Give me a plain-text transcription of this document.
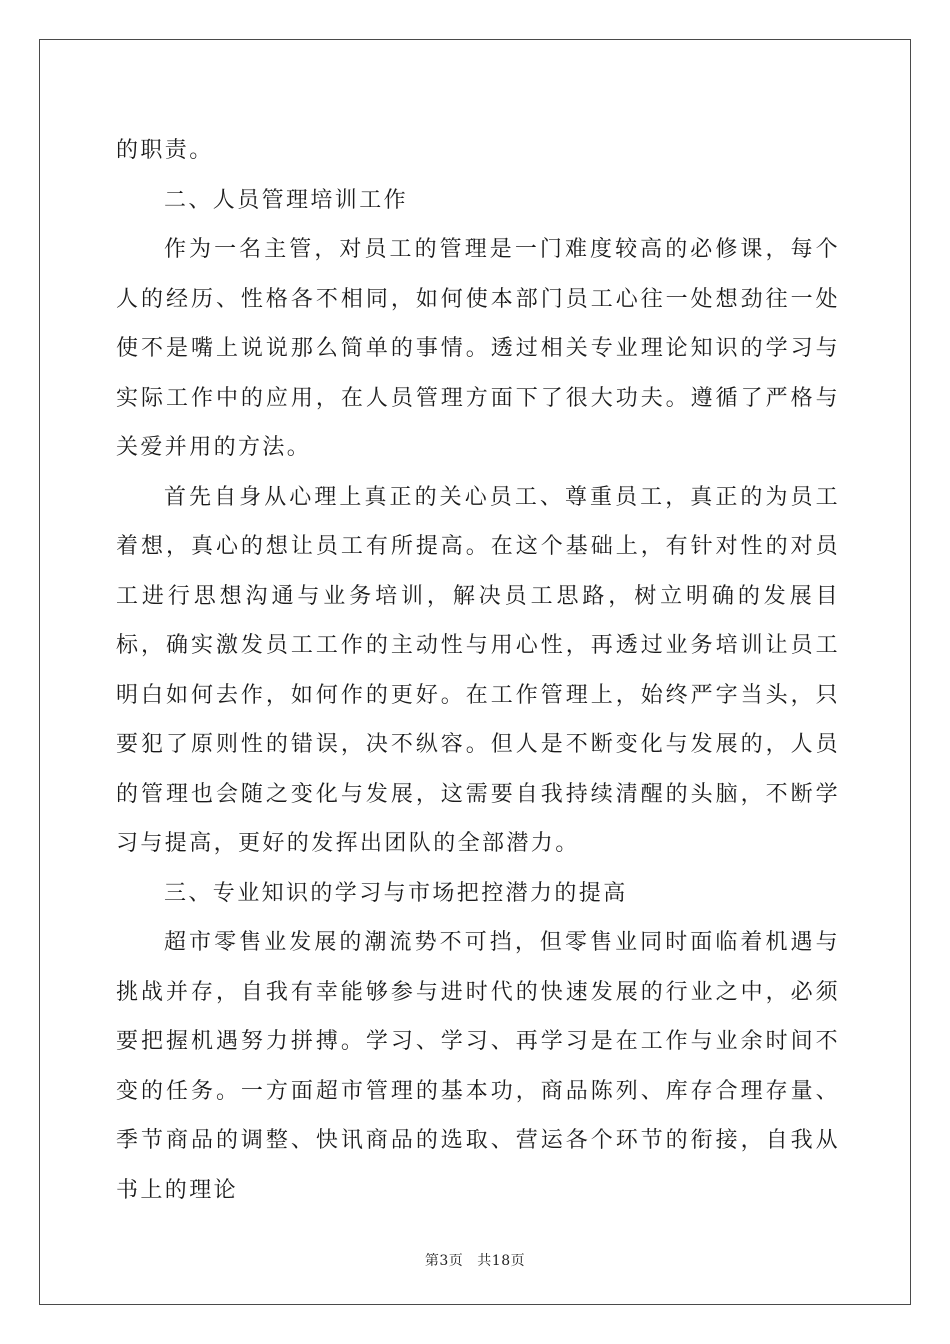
的职责。

二、人员管理培训工作

作为一名主管，对员工的管理是一门难度较高的必修课，每个人的经历、性格各不相同，如何使本部门员工心往一处想劲往一处使不是嘴上说说那么简单的事情。透过相关专业理论知识的学习与实际工作中的应用，在人员管理方面下了很大功夫。遵循了严格与关爱并用的方法。

首先自身从心理上真正的关心员工、尊重员工，真正的为员工着想，真心的想让员工有所提高。在这个基础上，有针对性的对员工进行思想沟通与业务培训，解决员工思路，树立明确的发展目标，确实激发员工工作的主动性与用心性，再透过业务培训让员工明白如何去作，如何作的更好。在工作管理上，始终严字当头，只要犯了原则性的错误，决不纵容。但人是不断变化与发展的，人员的管理也会随之变化与发展，这需要自我持续清醒的头脑，不断学习与提高，更好的发挥出团队的全部潜力。

三、专业知识的学习与市场把控潜力的提高

超市零售业发展的潮流势不可挡，但零售业同时面临着机遇与挑战并存，自我有幸能够参与进时代的快速发展的行业之中，必须要把握机遇努力拼搏。学习、学习、再学习是在工作与业余时间不变的任务。一方面超市管理的基本功，商品陈列、库存合理存量、季节商品的调整、快讯商品的选取、营运各个环节的衔接，自我从书上的理论

第3页 共18页
